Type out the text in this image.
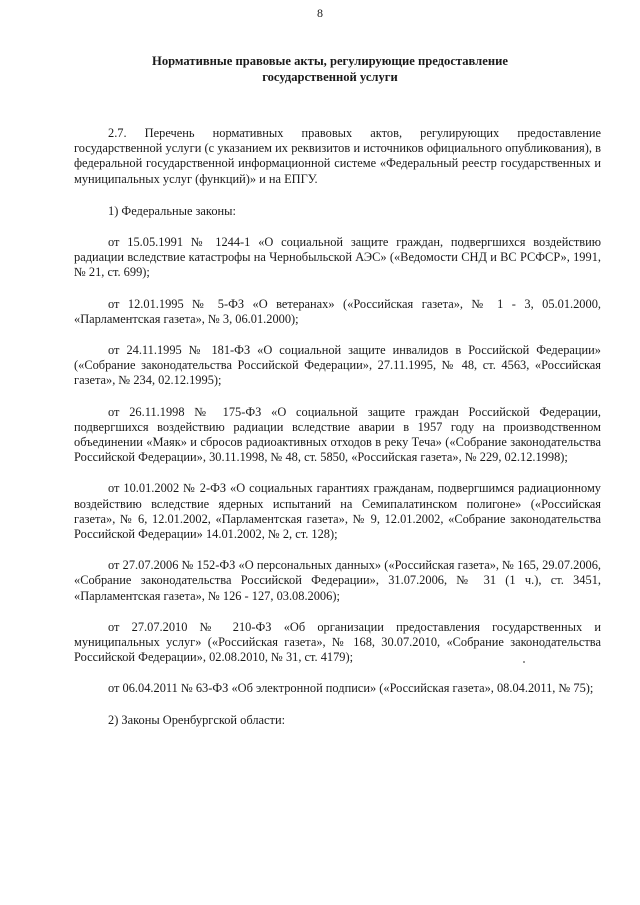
8
Нормативные правовые акты, регулирующие предоставление
государственной услуги

2.7. Перечень нормативных правовых актов, регулирующих предоставление государственной услуги (с указанием их реквизитов и источников официального опубликования), в федеральной государственной информационной системе «Федеральный реестр государственных и муниципальных услуг (функций)» и на ЕПГУ.

1) Федеральные законы:

от 15.05.1991 № 1244-1 «О социальной защите граждан, подвергшихся воздействию радиации вследствие катастрофы на Чернобыльской АЭС» («Ведомости СНД и ВС РСФСР», 1991, № 21, ст. 699);

от 12.01.1995 № 5-ФЗ «О ветеранах» («Российская газета», № 1 - 3, 05.01.2000, «Парламентская газета», № 3, 06.01.2000);

от 24.11.1995 № 181-ФЗ «О социальной защите инвалидов в Российской Федерации» («Собрание законодательства Российской Федерации», 27.11.1995, № 48, ст. 4563, «Российская газета», № 234, 02.12.1995);

от 26.11.1998 № 175-ФЗ «О социальной защите граждан Российской Федерации, подвергшихся воздействию радиации вследствие аварии в 1957 году на производственном объединении «Маяк» и сбросов радиоактивных отходов в реку Теча» («Собрание законодательства Российской Федерации», 30.11.1998, № 48, ст. 5850, «Российская газета», № 229, 02.12.1998);

от 10.01.2002 № 2-ФЗ «О социальных гарантиях гражданам, подвергшимся радиационному воздействию вследствие ядерных испытаний на Семипалатинском полигоне» («Российская газета», № 6, 12.01.2002, «Парламентская газета», № 9, 12.01.2002, «Собрание законодательства Российской Федерации» 14.01.2002, № 2, ст. 128);

от 27.07.2006 № 152-ФЗ «О персональных данных» («Российская газета», № 165, 29.07.2006, «Собрание законодательства Российской Федерации», 31.07.2006, № 31 (1 ч.), ст. 3451, «Парламентская газета», № 126 - 127, 03.08.2006);

от 27.07.2010 № 210-ФЗ «Об организации предоставления государственных и муниципальных услуг» («Российская газета», № 168, 30.07.2010, «Собрание законодательства Российской Федерации», 02.08.2010, № 31, ст. 4179);

от 06.04.2011 № 63-ФЗ «Об электронной подписи» («Российская газета», 08.04.2011, № 75);

2) Законы Оренбургской области:
